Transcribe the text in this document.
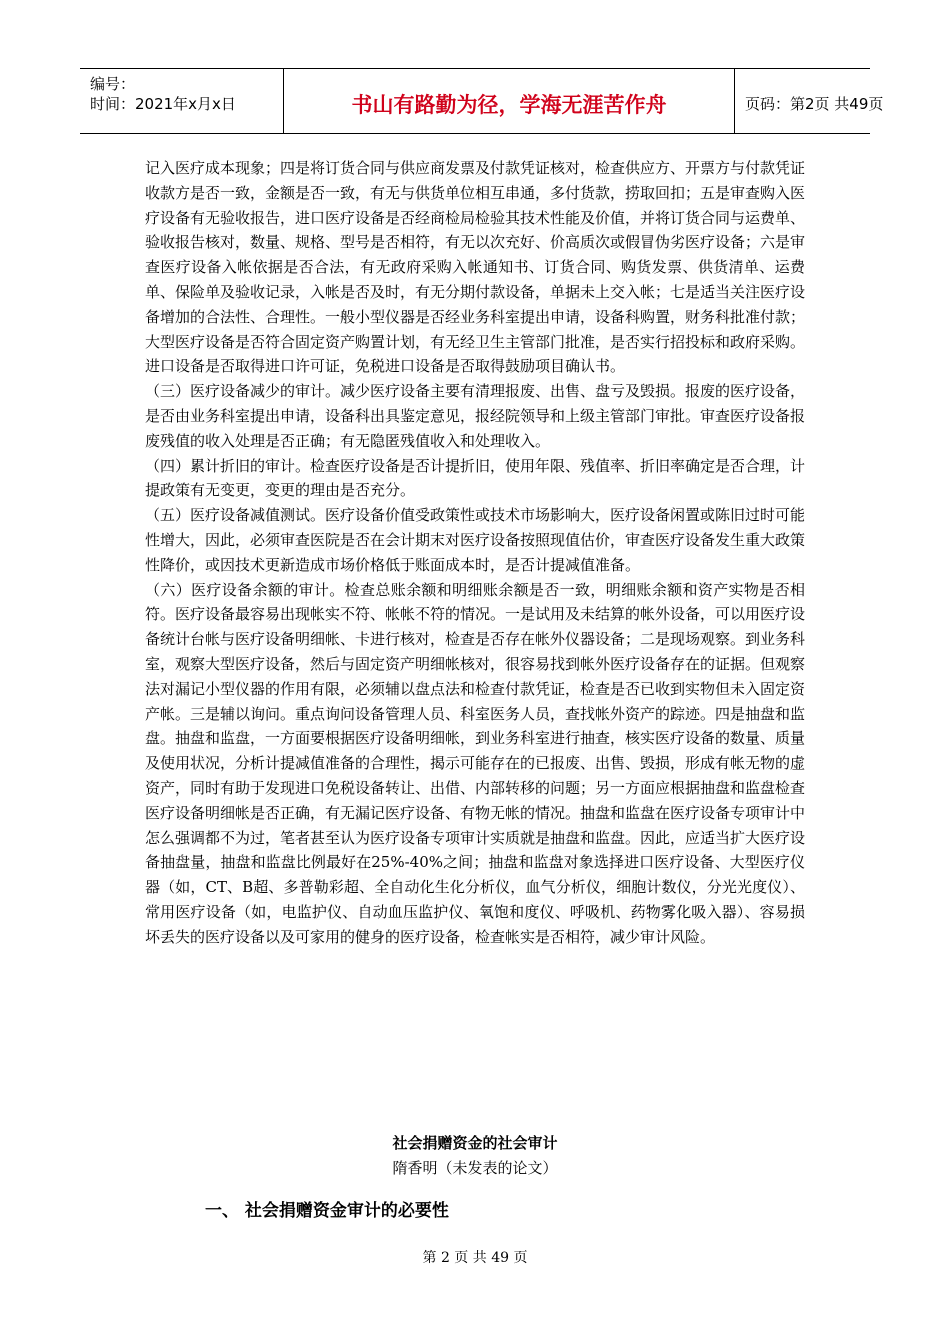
编号：
时间：2021年x月x日	书山有路勤为径，学海无涯苦作舟	页码：第2页 共49页

记入医疗成本现象；四是将订货合同与供应商发票及付款凭证核对，检查供应方、开票方与付款凭证收款方是否一致，金额是否一致，有无与供货单位相互串通，多付货款，捞取回扣；五是审查购入医疗设备有无验收报告，进口医疗设备是否经商检局检验其技术性能及价值，并将订货合同与运费单、验收报告核对，数量、规格、型号是否相符，有无以次充好、价高质次或假冒伪劣医疗设备；六是审查医疗设备入帐依据是否合法，有无政府采购入帐通知书、订货合同、购货发票、供货清单、运费单、保险单及验收记录，入帐是否及时，有无分期付款设备，单据未上交入帐；七是适当关注医疗设备增加的合法性、合理性。一般小型仪器是否经业务科室提出申请，设备科购置，财务科批准付款；大型医疗设备是否符合固定资产购置计划，有无经卫生主管部门批准，是否实行招投标和政府采购。进口设备是否取得进口许可证，免税进口设备是否取得鼓励项目确认书。

（三）医疗设备减少的审计。减少医疗设备主要有清理报废、出售、盘亏及毁损。报废的医疗设备，是否由业务科室提出申请，设备科出具鉴定意见，报经院领导和上级主管部门审批。审查医疗设备报废残值的收入处理是否正确；有无隐匿残值收入和处理收入。

（四）累计折旧的审计。检查医疗设备是否计提折旧，使用年限、残值率、折旧率确定是否合理，计提政策有无变更，变更的理由是否充分。

（五）医疗设备减值测试。医疗设备价值受政策性或技术市场影响大，医疗设备闲置或陈旧过时可能性增大，因此，必须审查医院是否在会计期末对医疗设备按照现值估价，审查医疗设备发生重大政策性降价，或因技术更新造成市场价格低于账面成本时，是否计提减值准备。

（六）医疗设备余额的审计。检查总账余额和明细账余额是否一致，明细账余额和资产实物是否相符。医疗设备最容易出现帐实不符、帐帐不符的情况。一是试用及未结算的帐外设备，可以用医疗设备统计台帐与医疗设备明细帐、卡进行核对，检查是否存在帐外仪器设备；二是现场观察。到业务科室，观察大型医疗设备，然后与固定资产明细帐核对，很容易找到帐外医疗设备存在的证据。但观察法对漏记小型仪器的作用有限，必须辅以盘点法和检查付款凭证，检查是否已收到实物但未入固定资产帐。三是辅以询问。重点询问设备管理人员、科室医务人员，查找帐外资产的踪迹。四是抽盘和监盘。抽盘和监盘，一方面要根据医疗设备明细帐，到业务科室进行抽查，核实医疗设备的数量、质量及使用状况，分析计提减值准备的合理性，揭示可能存在的已报废、出售、毁损，形成有帐无物的虚资产，同时有助于发现进口免税设备转让、出借、内部转移的问题；另一方面应根据抽盘和监盘检查医疗设备明细帐是否正确，有无漏记医疗设备、有物无帐的情况。抽盘和监盘在医疗设备专项审计中怎么强调都不为过，笔者甚至认为医疗设备专项审计实质就是抽盘和监盘。因此，应适当扩大医疗设备抽盘量，抽盘和监盘比例最好在25%-40%之间；抽盘和监盘对象选择进口医疗设备、大型医疗仪器（如，CT、B超、多普勒彩超、全自动化生化分析仪，血气分析仪，细胞计数仪，分光光度仪）、常用医疗设备（如，电监护仪、自动血压监护仪、氧饱和度仪、呼吸机、药物雾化吸入器）、容易损坏丢失的医疗设备以及可家用的健身的医疗设备，检查帐实是否相符，减少审计风险。

社会捐赠资金的社会审计
隋香明（未发表的论文）
一、 社会捐赠资金审计的必要性
第 2 页 共 49 页
